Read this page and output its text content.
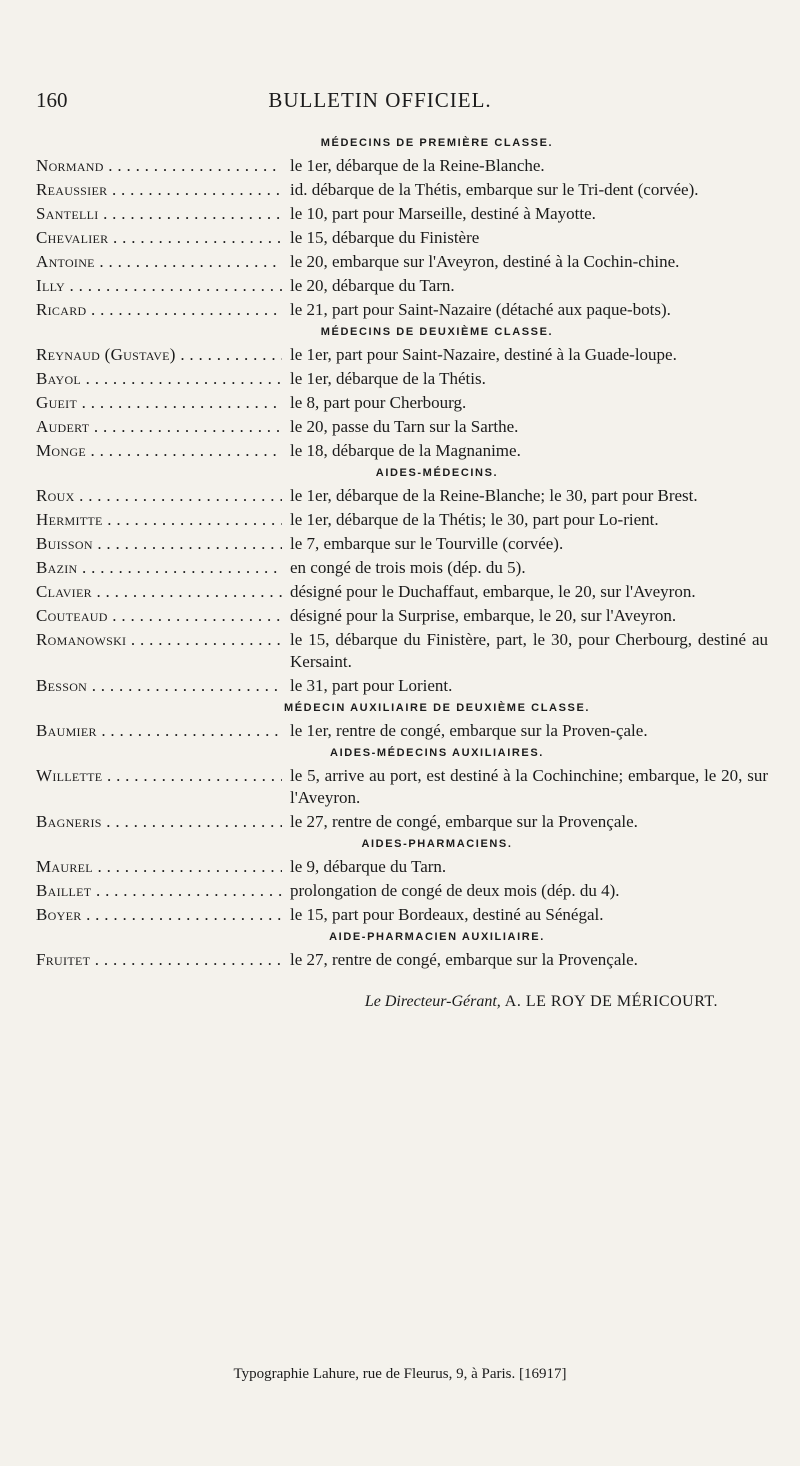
160	BULLETIN OFFICIEL.
MÉDECINS DE PREMIÈRE CLASSE.
Normand . . .	le 1er, débarque de la Reine-Blanche.
Reaussier . . .	id. débarque de la Thétis, embarque sur le Tri-dent (corvée).
Santelli . . .	le 10, part pour Marseille, destiné à Mayotte.
Chevalier . . .	le 15, débarque du Finistère
Antoine . . .	le 20, embarque sur l'Aveyron, destiné à la Cochin-chine.
Illy . . .	le 20, débarque du Tarn.
Ricard . . .	le 21, part pour Saint-Nazaire (détaché aux paque-bots).
MÉDECINS DE DEUXIÈME CLASSE.
Reynaud (Gustave) . . .	le 1er, part pour Saint-Nazaire, destiné à la Guade-loupe.
Bayol . . .	le 1er, débarque de la Thétis.
Gueit . . .	le 8, part pour Cherbourg.
Audert . . .	le 20, passe du Tarn sur la Sarthe.
Monge . . .	le 18, débarque de la Magnanime.
AIDES-MÉDECINS.
Roux . . .	le 1er, débarque de la Reine-Blanche; le 30, part pour Brest.
Hermitte . . .	le 1er, débarque de la Thétis; le 30, part pour Lo-rient.
Buisson . . .	le 7, embarque sur le Tourville (corvée).
Bazin . . .	en congé de trois mois (dép. du 5).
Clavier . . .	désigné pour le Duchaffaut, embarque, le 20, sur l'Aveyron.
Couteaud . . .	désigné pour la Surprise, embarque, le 20, sur l'Aveyron.
Romanowski . . .	le 15, débarque du Finistère, part, le 30, pour Cherbourg, destiné au Kersaint.
Besson . . .	le 31, part pour Lorient.
MÉDECIN AUXILIAIRE DE DEUXIÈME CLASSE.
Baumier . . .	le 1er, rentre de congé, embarque sur la Proven-çale.
AIDES-MÉDECINS AUXILIAIRES.
Willette . . .	le 5, arrive au port, est destiné à la Cochinchine; embarque, le 20, sur l'Aveyron.
Bagneris . . .	le 27, rentre de congé, embarque sur la Provençale.
AIDES-PHARMACIENS.
Maurel . . .	le 9, débarque du Tarn.
Baillet . . .	prolongation de congé de deux mois (dép. du 4).
Boyer . . .	le 15, part pour Bordeaux, destiné au Sénégal.
AIDE-PHARMACIEN AUXILIAIRE.
Fruitet . . .	le 27, rentre de congé, embarque sur la Provençale.
Le Directeur-Gérant, A. LE ROY DE MÉRICOURT.
Typographie Lahure, rue de Fleurus, 9, à Paris. [16917]
